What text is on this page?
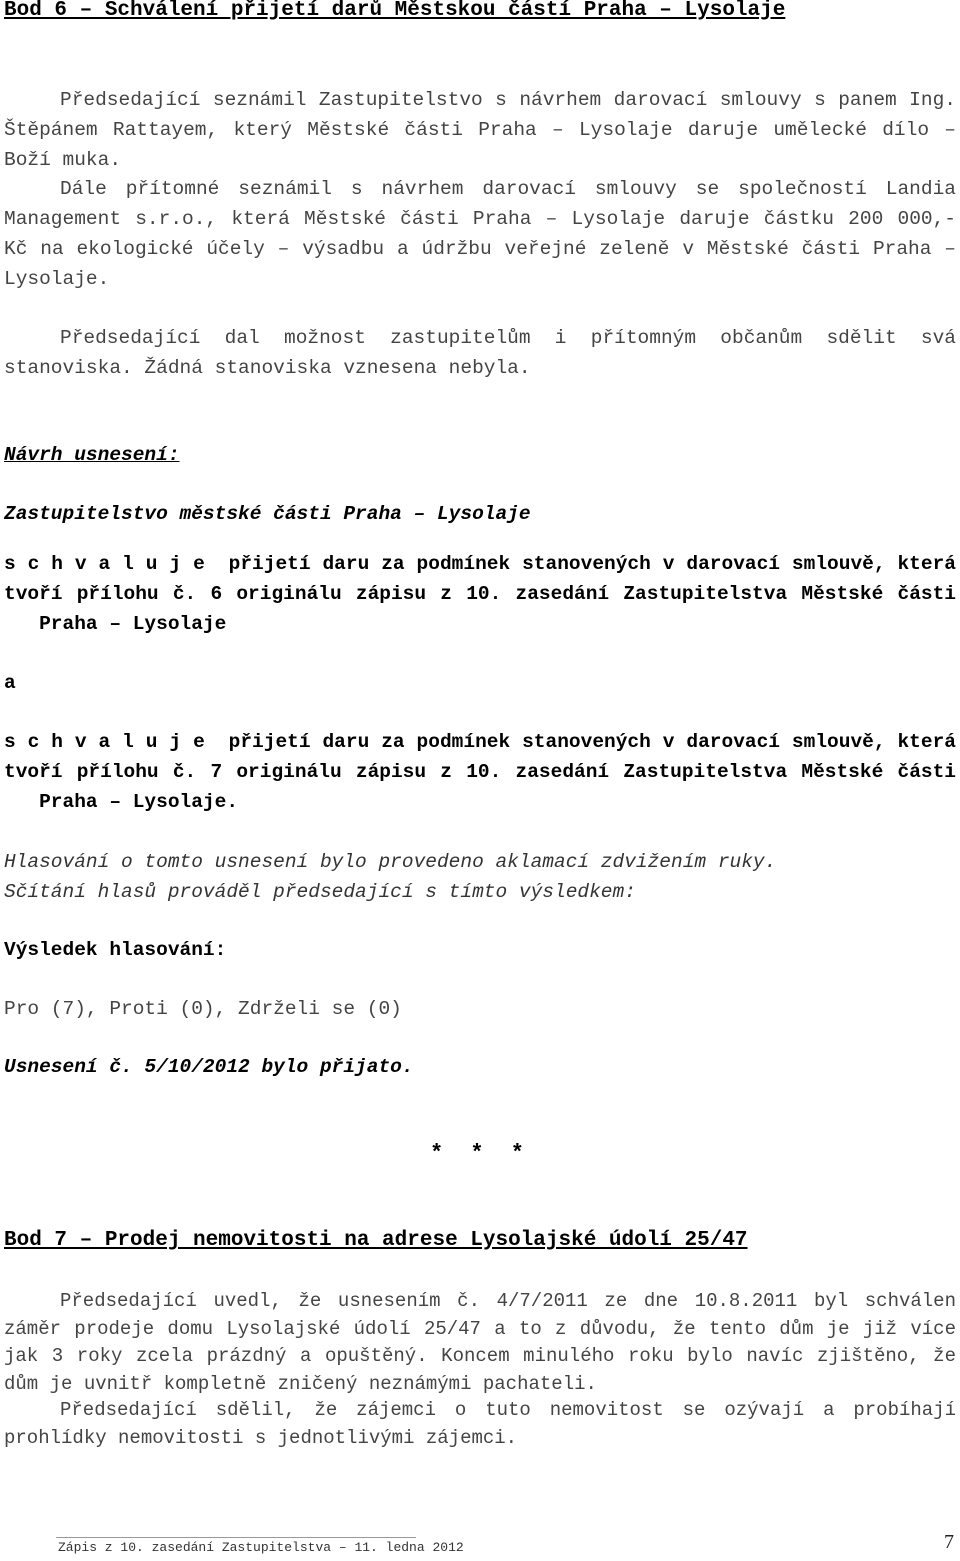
Bod 6 – Schválení přijetí darů Městskou částí Praha – Lysolaje

Předsedající seznámil Zastupitelstvo s návrhem darovací smlouvy s panem Ing. Štěpánem Rattayem, který Městské části Praha – Lysolaje daruje umělecké dílo – Boží muka.

Dále přítomné seznámil s návrhem darovací smlouvy se společností Landia Management s.r.o., která Městské části Praha – Lysolaje daruje částku 200 000,- Kč na ekologické účely – výsadbu a údržbu veřejné zeleně v Městské části Praha – Lysolaje.

Předsedající dal možnost zastupitelům i přítomným občanům sdělit svá stanoviska. Žádná stanoviska vznesena nebyla.

Návrh usnesení:
Zastupitelstvo městské části Praha – Lysolaje

s c h v a l u j e přijetí daru za podmínek stanovených v darovací smlouvě, která tvoří přílohu č. 6 originálu zápisu z 10. zasedání Zastupitelstva Městské části   Praha – Lysolaje

a

s c h v a l u j e přijetí daru za podmínek stanovených v darovací smlouvě, která tvoří přílohu č. 7 originálu zápisu z 10. zasedání Zastupitelstva Městské části   Praha – Lysolaje.

Hlasování o tomto usnesení bylo provedeno aklamací zdvižením ruky.
Sčítání hlasů prováděl předsedající s tímto výsledkem:
Výsledek hlasování:
Pro (7), Proti (0), Zdrželi se (0)
Usnesení č. 5/10/2012 bylo přijato.
* * *
Bod 7 – Prodej nemovitosti na adrese Lysolajské údolí 25/47

Předsedající uvedl, že usnesením č. 4/7/2011 ze dne 10.8.2011 byl schválen záměr prodeje domu Lysolajské údolí 25/47 a to z důvodu, že tento dům je již více jak 3 roky zcela prázdný a opuštěný. Koncem minulého roku bylo navíc zjištěno, že dům je uvnitř kompletně zničený neznámými pachateli.

Předsedající sdělil, že zájemci o tuto nemovitost se ozývají a probíhají prohlídky nemovitosti s jednotlivými zájemci.

Zápis z 10. zasedání Zastupitelstva – 11. ledna 2012	7
